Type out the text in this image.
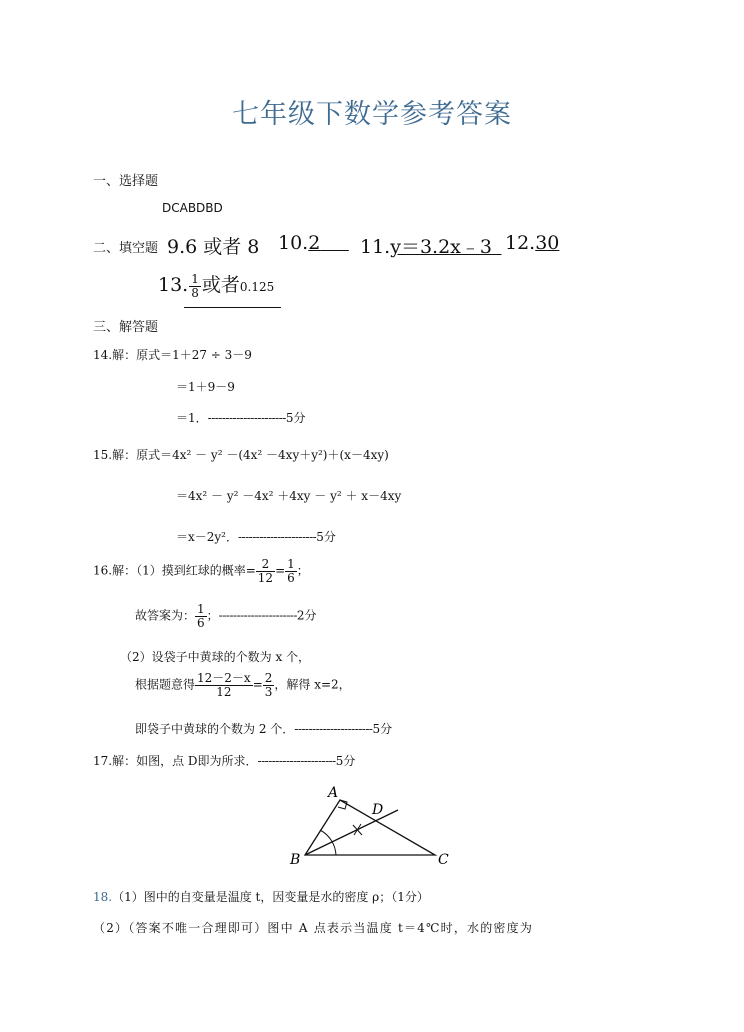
七年级下数学参考答案
一、选择题
DCABDBD
二、填空题 9.6 或者 8 10.2  	11.y＝3.2x﹣3  12.30
13. $\frac{1}{8}$ 或者0.125
三、解答题
14.解：原式＝1＋27 ÷ 3－9
＝1＋9－9
＝1．----------------------5分
15.解：原式＝4x² － y² －(4x² －4xy＋y²)＋(x－4xy)
＝4x² － y² －4x² ＋4xy － y² ＋ x－4xy
＝x－2y²．----------------------5分
16.解：（1）摸到红球的概率= $\frac{2}{12} = \frac{1}{6}$ ；
故答案为： $\frac{1}{6}$ ；----------------------2分
（2）设袋子中黄球的个数为 x 个，
根据题意得 $\frac{12-2-x}{12} = \frac{2}{3}$ ，解得 x=2，
即袋子中黄球的个数为 2 个．----------------------5分
17.解：如图，点 D即为所求．----------------------5分
A
B	C
D
18.（1）图中的自变量是温度 t，因变量是水的密度 ρ；（1分）
（2）（答案不唯一合理即可）图中 A 点表示当温度 t＝4℃时，水的密度为
